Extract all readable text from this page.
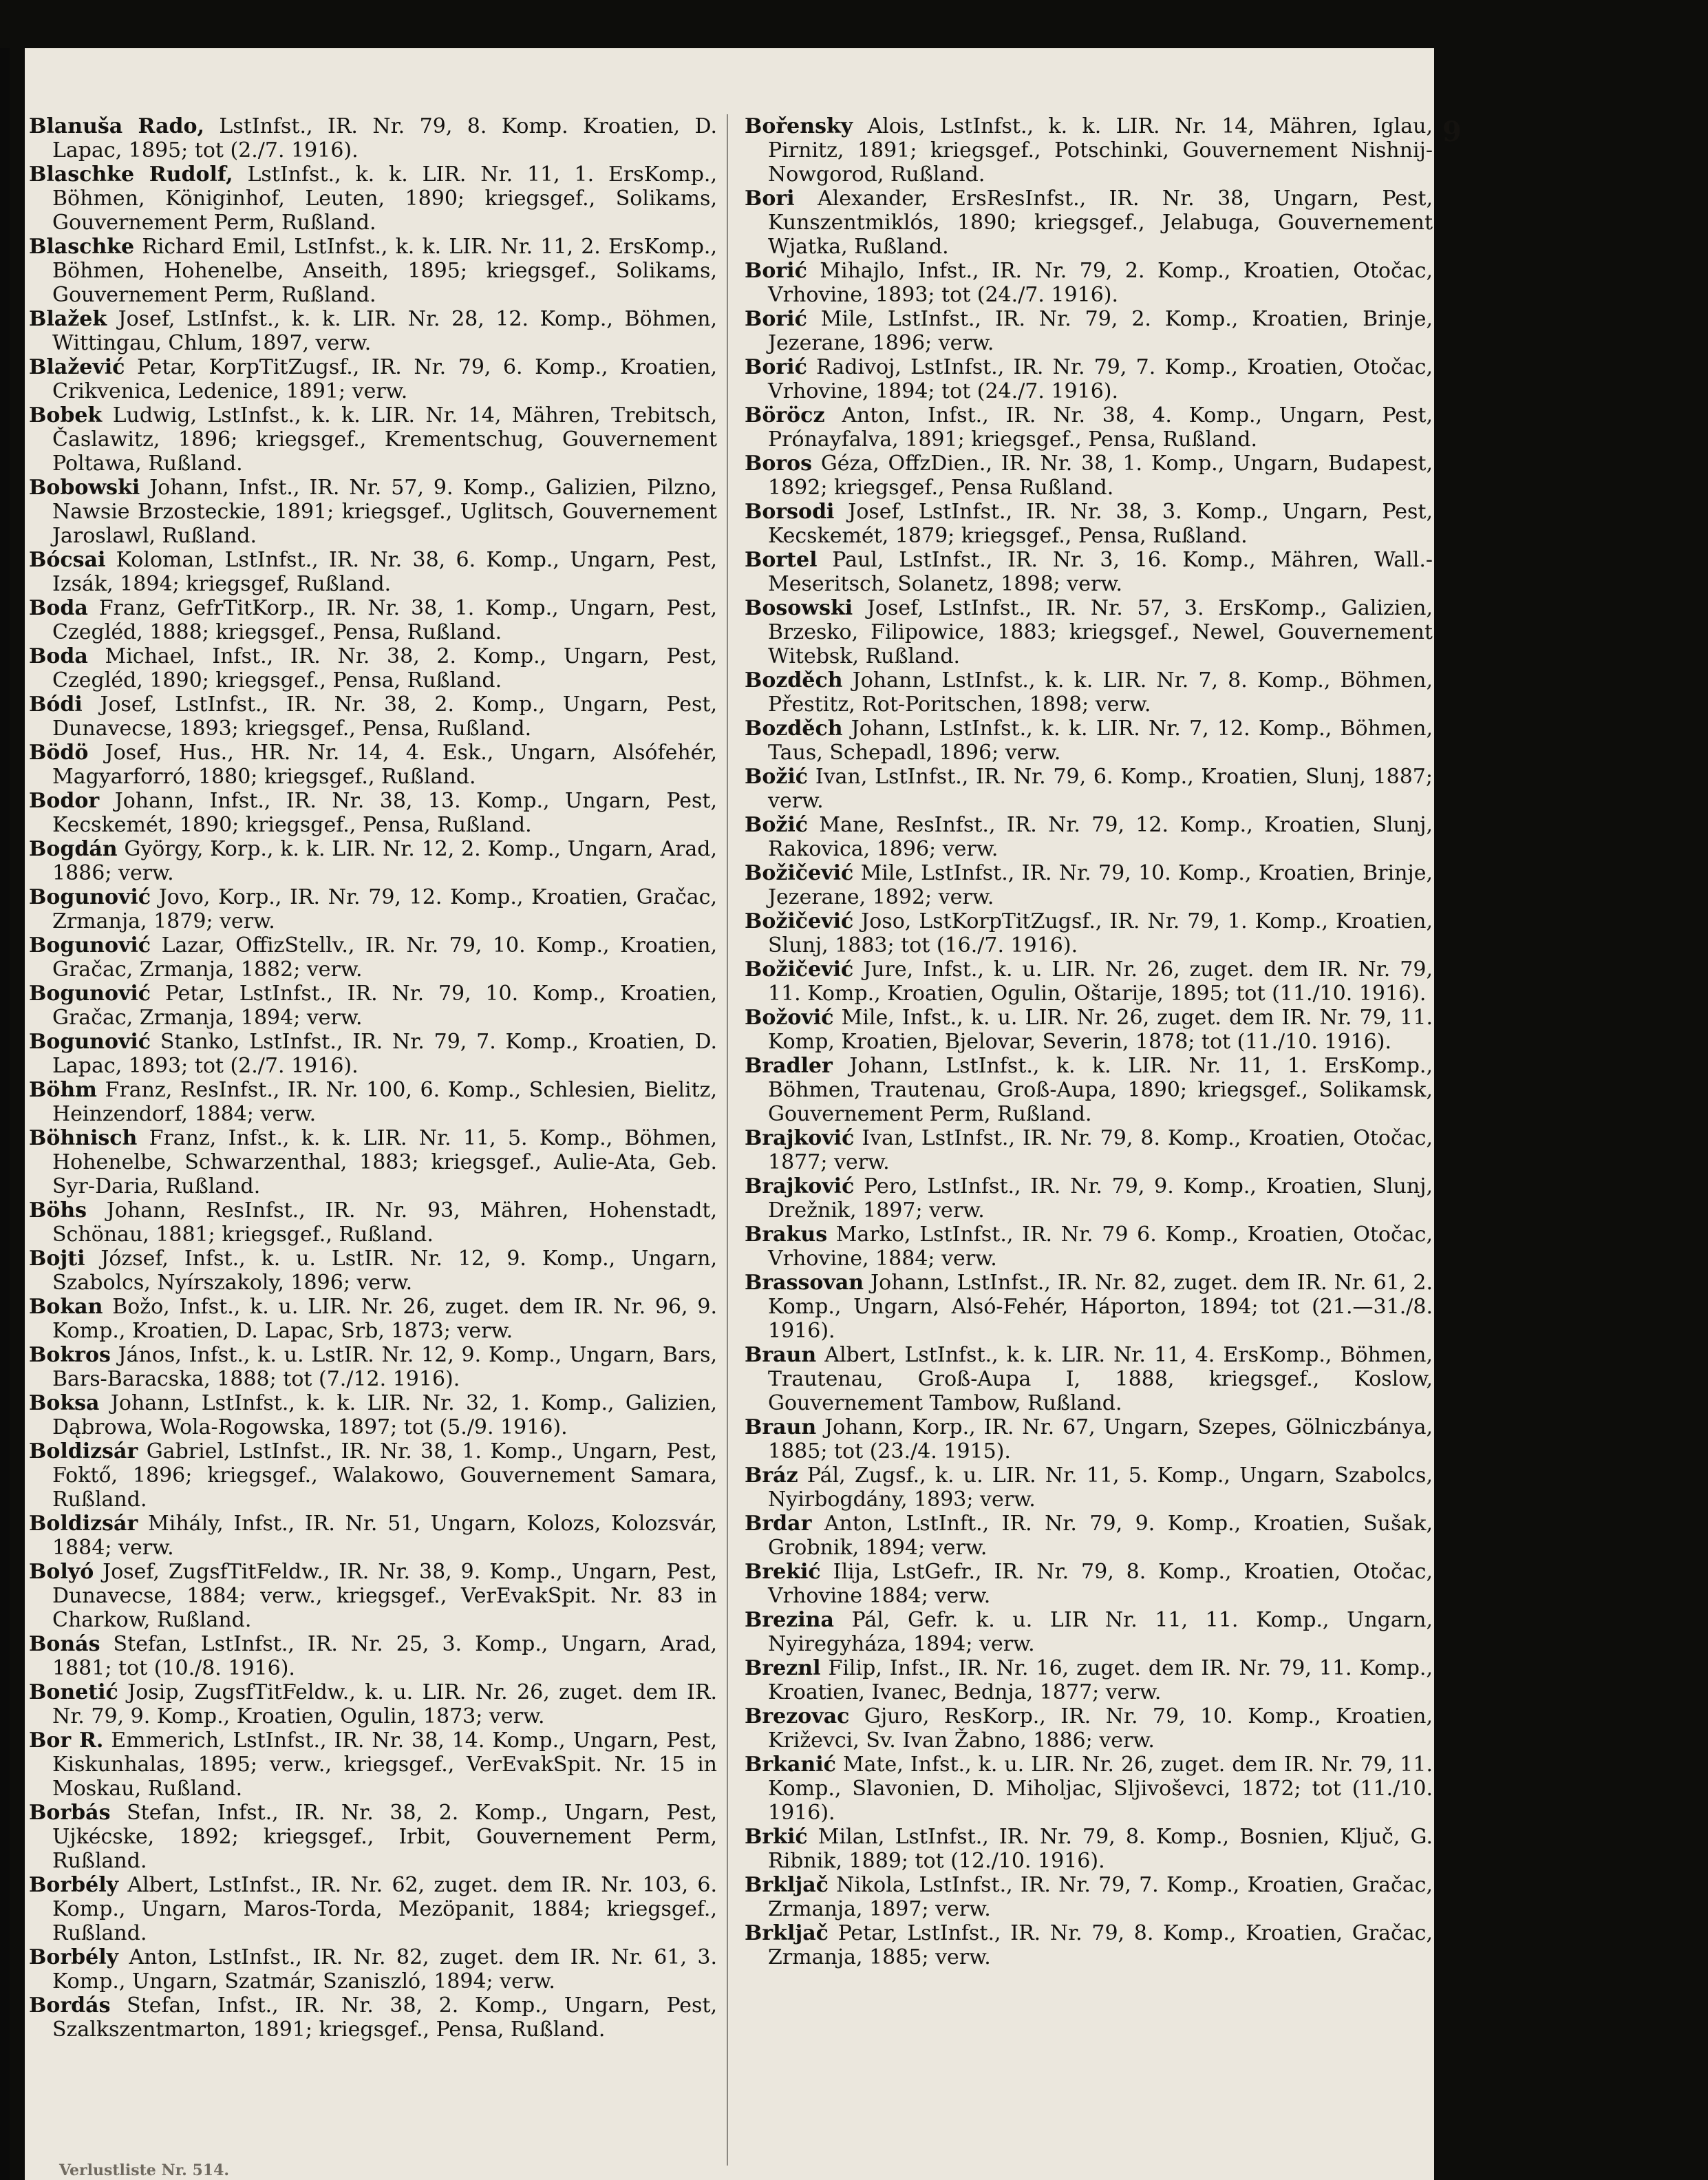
9

Blanuša Rado, LstInfst., IR. Nr. 79, 8. Komp. Kroatien, D. Lapac, 1895; tot (2./7. 1916).

Blaschke Rudolf, LstInfst., k. k. LIR. Nr. 11, 1. ErsKomp., Böhmen, Königinhof, Leuten, 1890; kriegsgef., Solikams, Gouvernement Perm, Rußland.

Blaschke Richard Emil, LstInfst., k. k. LIR. Nr. 11, 2. ErsKomp., Böhmen, Hohenelbe, Anseith, 1895; kriegsgef., Solikams, Gouvernement Perm, Rußland.

Blažek Josef, LstInfst., k. k. LIR. Nr. 28, 12. Komp., Böhmen, Wittingau, Chlum, 1897, verw.

Blažević Petar, KorpTitZugsf., IR. Nr. 79, 6. Komp., Kroatien, Crikvenica, Ledenice, 1891; verw.

Bobek Ludwig, LstInfst., k. k. LIR. Nr. 14, Mähren, Trebitsch, Časlawitz, 1896; kriegsgef., Krementschug, Gouvernement Poltawa, Rußland.

Bobowski Johann, Infst., IR. Nr. 57, 9. Komp., Galizien, Pilzno, Nawsie Brzosteckie, 1891; kriegsgef., Uglitsch, Gouvernement Jaroslawl, Rußland.

Bócsai Koloman, LstInfst., IR. Nr. 38, 6. Komp., Ungarn, Pest, Izsák, 1894; kriegsgef, Rußland.

Boda Franz, GefrTitKorp., IR. Nr. 38, 1. Komp., Ungarn, Pest, Czegléd, 1888; kriegsgef., Pensa, Rußland.

Boda Michael, Infst., IR. Nr. 38, 2. Komp., Ungarn, Pest, Czegléd, 1890; kriegsgef., Pensa, Rußland.

Bódi Josef, LstInfst., IR. Nr. 38, 2. Komp., Ungarn, Pest, Dunavecse, 1893; kriegsgef., Pensa, Rußland.

Bödö Josef, Hus., HR. Nr. 14, 4. Esk., Ungarn, Alsófehér, Magyarforró, 1880; kriegsgef., Rußland.

Bodor Johann, Infst., IR. Nr. 38, 13. Komp., Ungarn, Pest, Kecskemét, 1890; kriegsgef., Pensa, Rußland.

Bogdán György, Korp., k. k. LIR. Nr. 12, 2. Komp., Ungarn, Arad, 1886; verw.

Bogunović Jovo, Korp., IR. Nr. 79, 12. Komp., Kroatien, Gračac, Zrmanja, 1879; verw.

Bogunović Lazar, OffizStellv., IR. Nr. 79, 10. Komp., Kroatien, Gračac, Zrmanja, 1882; verw.

Bogunović Petar, LstInfst., IR. Nr. 79, 10. Komp., Kroatien, Gračac, Zrmanja, 1894; verw.

Bogunović Stanko, LstInfst., IR. Nr. 79, 7. Komp., Kroatien, D. Lapac, 1893; tot (2./7. 1916).

Böhm Franz, ResInfst., IR. Nr. 100, 6. Komp., Schlesien, Bielitz, Heinzendorf, 1884; verw.

Böhnisch Franz, Infst., k. k. LIR. Nr. 11, 5. Komp., Böhmen, Hohenelbe, Schwarzenthal, 1883; kriegsgef., Aulie-Ata, Geb. Syr-Daria, Rußland.

Böhs Johann, ResInfst., IR. Nr. 93, Mähren, Hohenstadt, Schönau, 1881; kriegsgef., Rußland.

Bojti József, Infst., k. u. LstIR. Nr. 12, 9. Komp., Ungarn, Szabolcs, Nyírszakoly, 1896; verw.

Bokan Božo, Infst., k. u. LIR. Nr. 26, zuget. dem IR. Nr. 96, 9. Komp., Kroatien, D. Lapac, Srb, 1873; verw.

Bokros János, Infst., k. u. LstIR. Nr. 12, 9. Komp., Ungarn, Bars, Bars-Baracska, 1888; tot (7./12. 1916).

Boksa Johann, LstInfst., k. k. LIR. Nr. 32, 1. Komp., Galizien, Dąbrowa, Wola-Rogowska, 1897; tot (5./9. 1916).

Boldizsár Gabriel, LstInfst., IR. Nr. 38, 1. Komp., Ungarn, Pest, Foktő, 1896; kriegsgef., Walakowo, Gouvernement Samara, Rußland.

Boldizsár Mihály, Infst., IR. Nr. 51, Ungarn, Kolozs, Kolozsvár, 1884; verw.

Bolyó Josef, ZugsfTitFeldw., IR. Nr. 38, 9. Komp., Ungarn, Pest, Dunavecse, 1884; verw., kriegsgef., VerEvakSpit. Nr. 83 in Charkow, Rußland.

Bonás Stefan, LstInfst., IR. Nr. 25, 3. Komp., Ungarn, Arad, 1881; tot (10./8. 1916).

Bonetić Josip, ZugsfTitFeldw., k. u. LIR. Nr. 26, zuget. dem IR. Nr. 79, 9. Komp., Kroatien, Ogulin, 1873; verw.

Bor R. Emmerich, LstInfst., IR. Nr. 38, 14. Komp., Ungarn, Pest, Kiskunhalas, 1895; verw., kriegsgef., VerEvakSpit. Nr. 15 in Moskau, Rußland.

Borbás Stefan, Infst., IR. Nr. 38, 2. Komp., Ungarn, Pest, Ujkécske, 1892; kriegsgef., Irbit, Gouvernement Perm, Rußland.

Borbély Albert, LstInfst., IR. Nr. 62, zuget. dem IR. Nr. 103, 6. Komp., Ungarn, Maros-Torda, Mezöpanit, 1884; kriegsgef., Rußland.

Borbély Anton, LstInfst., IR. Nr. 82, zuget. dem IR. Nr. 61, 3. Komp., Ungarn, Szatmár, Szaniszló, 1894; verw.

Bordás Stefan, Infst., IR. Nr. 38, 2. Komp., Ungarn, Pest, Szalkszentmarton, 1891; kriegsgef., Pensa, Rußland.

Bořensky Alois, LstInfst., k. k. LIR. Nr. 14, Mähren, Iglau, Pirnitz, 1891; kriegsgef., Potschinki, Gouvernement Nishnij-Nowgorod, Rußland.

Bori Alexander, ErsResInfst., IR. Nr. 38, Ungarn, Pest, Kunszentmiklós, 1890; kriegsgef., Jelabuga, Gouvernement Wjatka, Rußland.

Borić Mihajlo, Infst., IR. Nr. 79, 2. Komp., Kroatien, Otočac, Vrhovine, 1893; tot (24./7. 1916).

Borić Mile, LstInfst., IR. Nr. 79, 2. Komp., Kroatien, Brinje, Jezerane, 1896; verw.

Borić Radivoj, LstInfst., IR. Nr. 79, 7. Komp., Kroatien, Otočac, Vrhovine, 1894; tot (24./7. 1916).

Böröcz Anton, Infst., IR. Nr. 38, 4. Komp., Ungarn, Pest, Prónayfalva, 1891; kriegsgef., Pensa, Rußland.

Boros Géza, OffzDien., IR. Nr. 38, 1. Komp., Ungarn, Budapest, 1892; kriegsgef., Pensa Rußland.

Borsodi Josef, LstInfst., IR. Nr. 38, 3. Komp., Ungarn, Pest, Kecskemét, 1879; kriegsgef., Pensa, Rußland.

Bortel Paul, LstInfst., IR. Nr. 3, 16. Komp., Mähren, Wall.-Meseritsch, Solanetz, 1898; verw.

Bosowski Josef, LstInfst., IR. Nr. 57, 3. ErsKomp., Galizien, Brzesko, Filipowice, 1883; kriegsgef., Newel, Gouvernement Witebsk, Rußland.

Bozděch Johann, LstInfst., k. k. LIR. Nr. 7, 8. Komp., Böhmen, Přestitz, Rot-Poritschen, 1898; verw.

Bozděch Johann, LstInfst., k. k. LIR. Nr. 7, 12. Komp., Böhmen, Taus, Schepadl, 1896; verw.

Božić Ivan, LstInfst., IR. Nr. 79, 6. Komp., Kroatien, Slunj, 1887; verw.

Božić Mane, ResInfst., IR. Nr. 79, 12. Komp., Kroatien, Slunj, Rakovica, 1896; verw.

Božičević Mile, LstInfst., IR. Nr. 79, 10. Komp., Kroatien, Brinje, Jezerane, 1892; verw.

Božičević Joso, LstKorpTitZugsf., IR. Nr. 79, 1. Komp., Kroatien, Slunj, 1883; tot (16./7. 1916).

Božičević Jure, Infst., k. u. LIR. Nr. 26, zuget. dem IR. Nr. 79, 11. Komp., Kroatien, Ogulin, Oštarije, 1895; tot (11./10. 1916).

Božović Mile, Infst., k. u. LIR. Nr. 26, zuget. dem IR. Nr. 79, 11. Komp, Kroatien, Bjelovar, Severin, 1878; tot (11./10. 1916).

Bradler Johann, LstInfst., k. k. LIR. Nr. 11, 1. ErsKomp., Böhmen, Trautenau, Groß-Aupa, 1890; kriegsgef., Solikamsk, Gouvernement Perm, Rußland.

Brajković Ivan, LstInfst., IR. Nr. 79, 8. Komp., Kroatien, Otočac, 1877; verw.

Brajković Pero, LstInfst., IR. Nr. 79, 9. Komp., Kroatien, Slunj, Drežnik, 1897; verw.

Brakus Marko, LstInfst., IR. Nr. 79 6. Komp., Kroatien, Otočac, Vrhovine, 1884; verw.

Brassovan Johann, LstInfst., IR. Nr. 82, zuget. dem IR. Nr. 61, 2. Komp., Ungarn, Alsó-Fehér, Háporton, 1894; tot (21.—31./8. 1916).

Braun Albert, LstInfst., k. k. LIR. Nr. 11, 4. ErsKomp., Böhmen, Trautenau, Groß-Aupa I, 1888, kriegsgef., Koslow, Gouvernement Tambow, Rußland.

Braun Johann, Korp., IR. Nr. 67, Ungarn, Szepes, Gölniczbánya, 1885; tot (23./4. 1915).

Bráz Pál, Zugsf., k. u. LIR. Nr. 11, 5. Komp., Ungarn, Szabolcs, Nyirbogdány, 1893; verw.

Brdar Anton, LstInft., IR. Nr. 79, 9. Komp., Kroatien, Sušak, Grobnik, 1894; verw.

Brekić Ilija, LstGefr., IR. Nr. 79, 8. Komp., Kroatien, Otočac, Vrhovine 1884; verw.

Brezina Pál, Gefr. k. u. LIR Nr. 11, 11. Komp., Ungarn, Nyiregyháza, 1894; verw.

Breznl Filip, Infst., IR. Nr. 16, zuget. dem IR. Nr. 79, 11. Komp., Kroatien, Ivanec, Bednja, 1877; verw.

Brezovac Gjuro, ResKorp., IR. Nr. 79, 10. Komp., Kroatien, Križevci, Sv. Ivan Žabno, 1886; verw.

Brkanić Mate, Infst., k. u. LIR. Nr. 26, zuget. dem IR. Nr. 79, 11. Komp., Slavonien, D. Miholjac, Sljivoševci, 1872; tot (11./10. 1916).

Brkić Milan, LstInfst., IR. Nr. 79, 8. Komp., Bosnien, Ključ, G. Ribnik, 1889; tot (12./10. 1916).

Brkljač Nikola, LstInfst., IR. Nr. 79, 7. Komp., Kroatien, Gračac, Zrmanja, 1897; verw.

Brkljač Petar, LstInfst., IR. Nr. 79, 8. Komp., Kroatien, Gračac, Zrmanja, 1885; verw.

Verlustliste Nr. 514.
